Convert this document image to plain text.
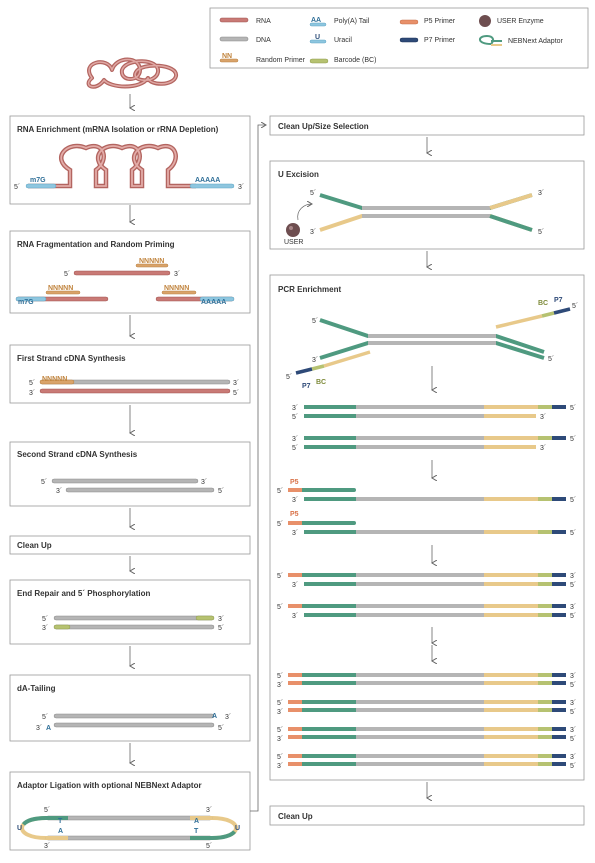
RNA
DNA
NN
Random Primer
AA Poly(A) Tail
U Uracil
Barcode (BC)
P5 Primer
P7 Primer
USER Enzyme
NEBNext Adaptor
RNA Enrichment (mRNA Isolation or rRNA Depletion)
5´
m7G	AAAAA
3´
RNA Fragmentation and Random Priming
5´
NNNNN
3´
m7G
NNNNN	NNNNN
AAAAA
First Strand cDNA Synthesis
5´
NNNNN
3´
3´	5´
Second Strand cDNA Synthesis
5´	3´
3´	5´
Clean Up
End Repair and 5´ Phosphorylation
5´	3´
3´	5´
dA-Tailing
5´	A 3´
3´ A	5´
Adaptor Ligation with optional NEBNext Adaptor
U	U
5´
T
A
A
T
3´
3´	5´
Clean Up/Size Selection
U Excision
5´	3´
3´	5´
USER
PCR Enrichment
BC P7
5´
5´
3´	5´
5´
P7
BC
3´	5´
5´	3´
3´	5´
5´	3´
P5
5´
3´	5´
P5
5´
3´	5´
5´	3´
3´	5´
5´	3´
3´	5´
5´	3´
3´	5´
5´	3´
3´	5´
5´	3´
3´	5´
5´	3´
3´	5´
Clean Up
